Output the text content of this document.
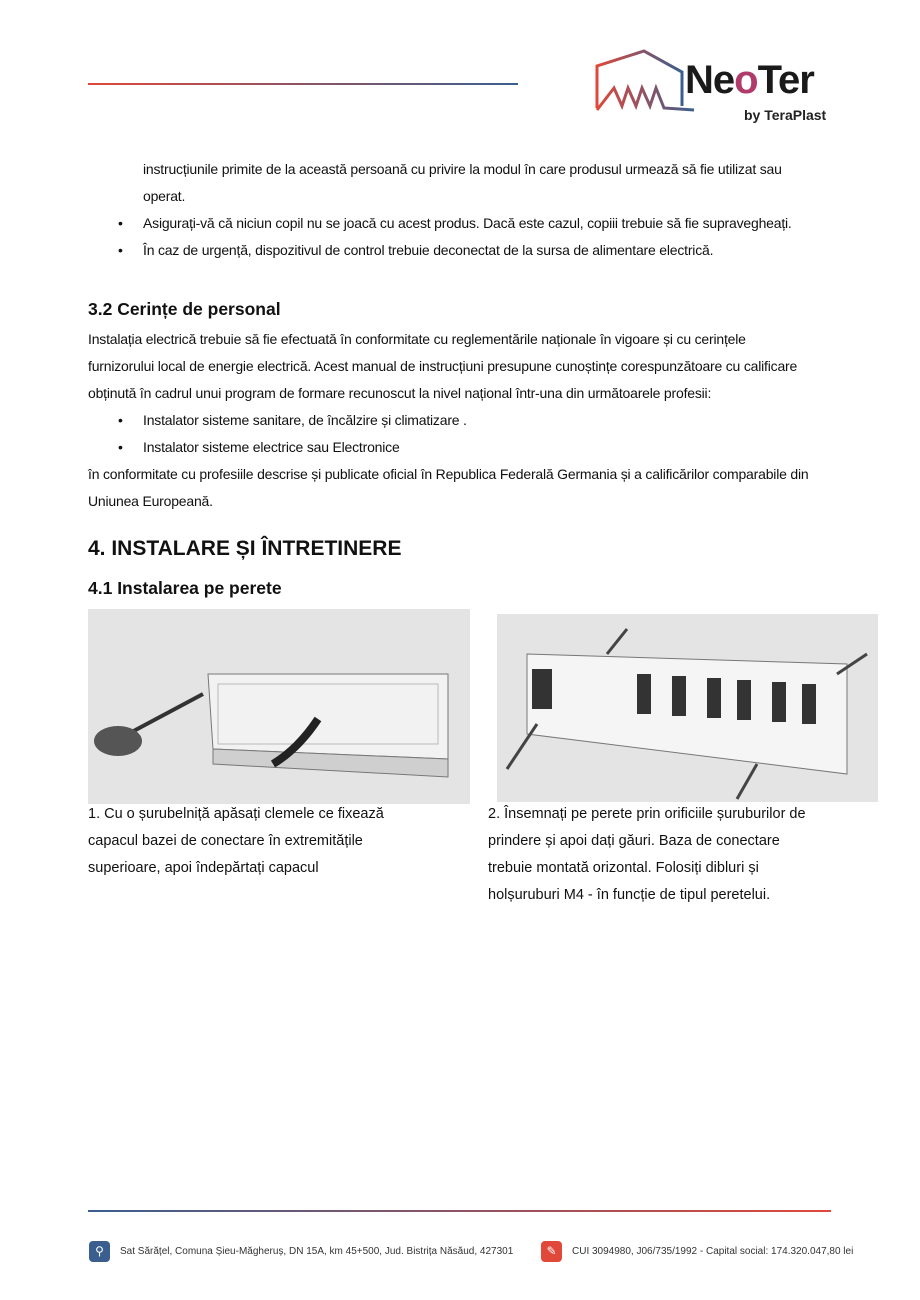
NeoTer
by TeraPlast
instrucțiunile primite de la această persoană cu privire la modul în care produsul urmează să fie utilizat sau
operat.
• Asigurați-vă că niciun copil nu se joacă cu acest produs. Dacă este cazul, copiii trebuie să fie supravegheați.
• În caz de urgență, dispozitivul de control trebuie deconectat de la sursa de alimentare electrică.
3.2 Cerințe de personal
Instalația electrică trebuie să fie efectuată în conformitate cu reglementările naționale în vigoare și cu cerințele
furnizorului local de energie electrică. Acest manual de instrucțiuni presupune cunoștințe corespunzătoare cu calificare
obținută în cadrul unui program de formare recunoscut la nivel național într-una din următoarele profesii:
• Instalator sisteme sanitare, de încălzire și climatizare .
• Instalator sisteme electrice sau Electronice
în conformitate cu profesiile descrise și publicate oficial în Republica Federală Germania și a calificărilor comparabile din
Uniunea Europeană.
4. INSTALARE ȘI ÎNTRETINERE
4.1 Instalarea pe perete
1. Cu o șurubelniță apăsați clemele ce fixează
capacul bazei de conectare în extremitățile
superioare, apoi îndepărtați capacul
2. Însemnați pe perete prin orificiile șuruburilor de
prindere și apoi dați găuri. Baza de conectare
trebuie montată orizontal. Folosiți dibluri și
holșuruburi M4 - în funcție de tipul peretelui.
⚲	Sat Sărățel, Comuna Șieu-Măgheruș, DN 15A, km 45+500, Jud. Bistrița Năsăud, 427301	✎	CUI 3094980, J06/735/1992 - Capital social: 174.320.047,80 lei
